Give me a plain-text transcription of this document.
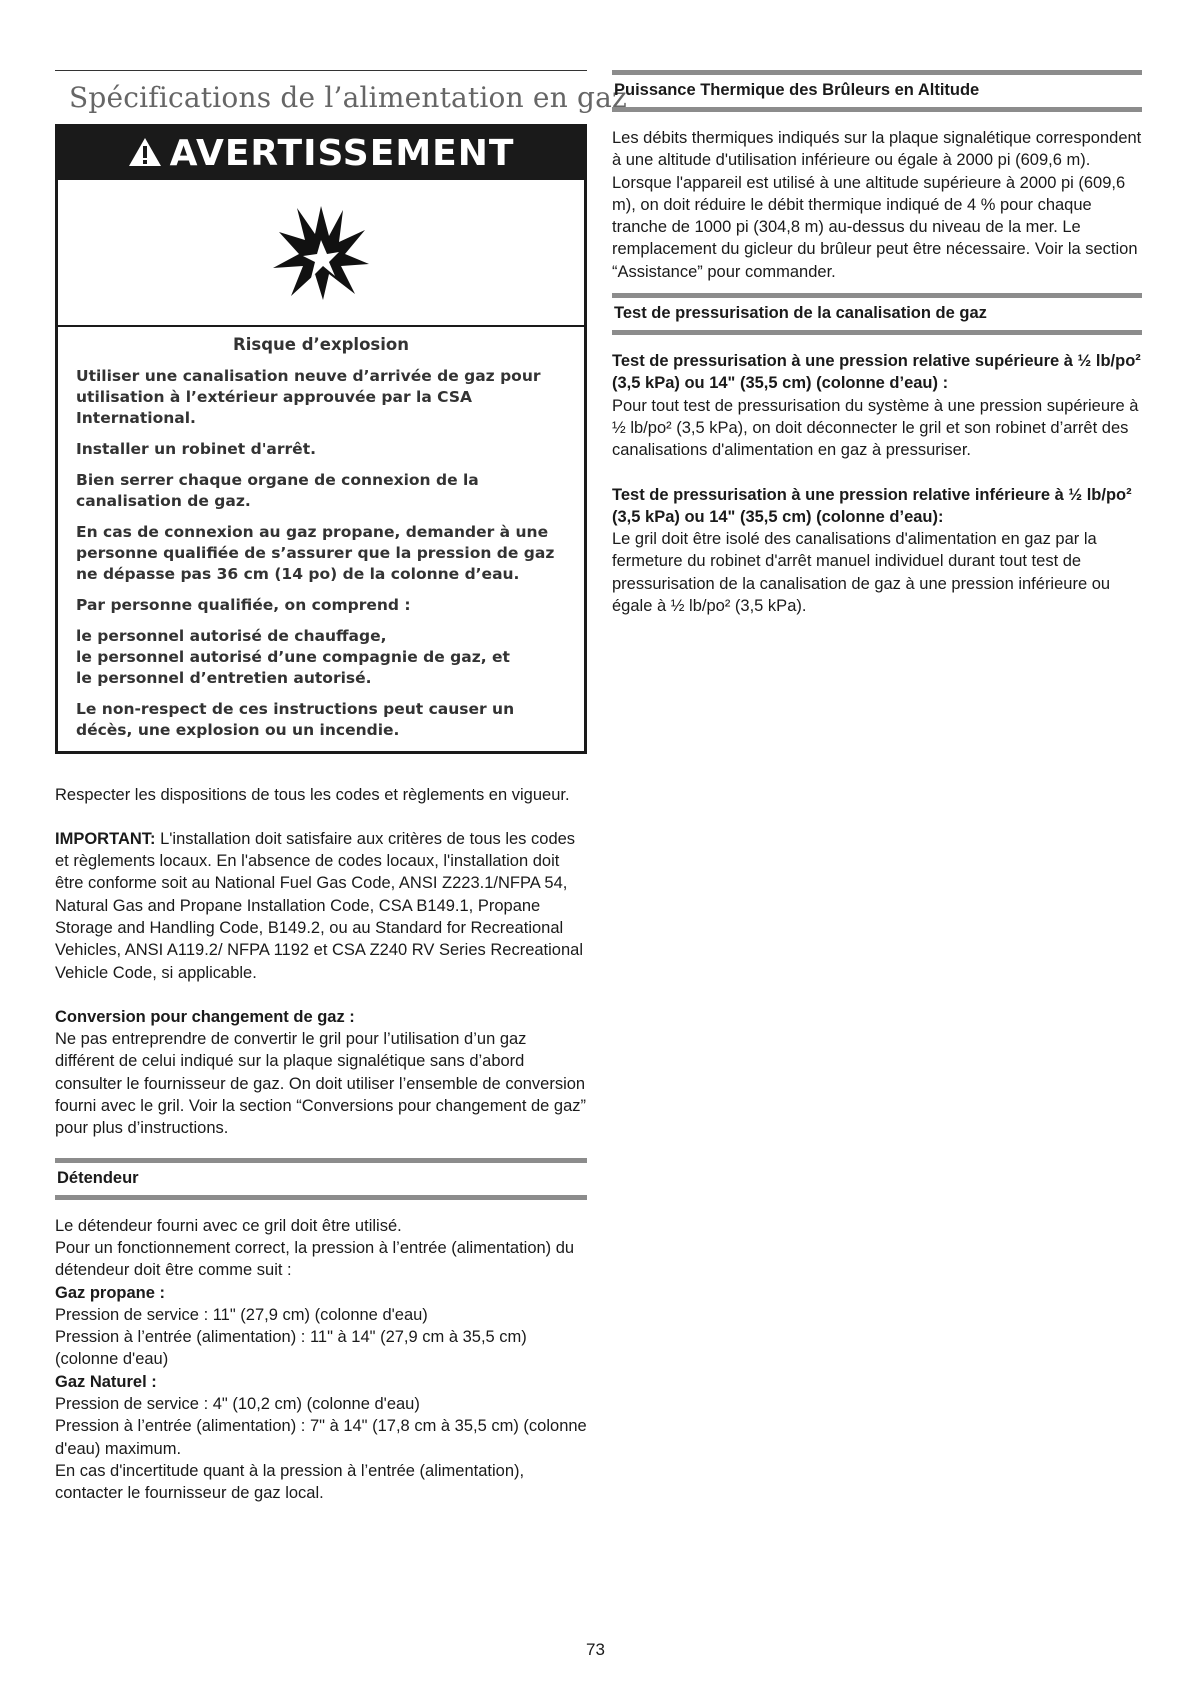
Spécifications de l’alimentation en gaz
AVERTISSEMENT
Risque d’explosion

Utiliser une canalisation neuve d’arrivée de gaz pour utilisation à l’extérieur approuvée par la CSA International.

Installer un robinet d'arrêt.

Bien serrer chaque organe de connexion de la canalisation de gaz.

En cas de connexion au gaz propane, demander à une personne qualifiée de s’assurer que la pression de gaz ne dépasse pas 36 cm (14 po) de la colonne d’eau.

Par personne qualifiée, on comprend :

le personnel autorisé de chauffage,
le personnel autorisé d’une compagnie de gaz, et
le personnel d’entretien autorisé.

Le non-respect de ces instructions peut causer un décès, une explosion ou un incendie.

Respecter les dispositions de tous les codes et règlements en vigueur.

IMPORTANT: L'installation doit satisfaire aux critères de tous les codes et règlements locaux. En l'absence de codes locaux, l'installation doit être conforme soit au National Fuel Gas Code, ANSI Z223.1/NFPA 54, Natural Gas and Propane Installation Code, CSA B149.1, Propane Storage and Handling Code, B149.2, ou au Standard for Recreational Vehicles, ANSI A119.2/ NFPA 1192 et CSA Z240 RV Series Recreational Vehicle Code, si applicable.

Conversion pour changement de gaz :

Ne pas entreprendre de convertir le gril pour l’utilisation d’un gaz différent de celui indiqué sur la plaque signalétique sans d’abord consulter le fournisseur de gaz. On doit utiliser l’ensemble de conversion fourni avec le gril. Voir la section “Conversions pour changement de gaz” pour plus d’instructions.

Détendeur

Le détendeur fourni avec ce gril doit être utilisé.

Pour un fonctionnement correct, la pression à l’entrée (alimentation) du détendeur doit être comme suit :

Gaz propane :

Pression de service : 11" (27,9 cm) (colonne d'eau)

Pression à l’entrée (alimentation) : 11" à 14" (27,9 cm à 35,5 cm) (colonne d'eau)

Gaz Naturel :

Pression de service : 4" (10,2 cm) (colonne d'eau)

Pression à l’entrée (alimentation) : 7" à 14" (17,8 cm à 35,5 cm) (colonne d'eau) maximum.

En cas d'incertitude quant à la pression à l’entrée (alimentation), contacter le fournisseur de gaz local.

Puissance Thermique des Brûleurs en Altitude

Les débits thermiques indiqués sur la plaque signalétique correspondent à une altitude d'utilisation inférieure ou égale à 2000 pi (609,6 m). Lorsque l'appareil est utilisé à une altitude supérieure à 2000 pi (609,6 m), on doit réduire le débit thermique indiqué de 4 % pour chaque tranche de 1000 pi (304,8 m) au-dessus du niveau de la mer. Le remplacement du gicleur du brûleur peut être nécessaire. Voir la section “Assistance” pour commander.

Test de pressurisation de la canalisation de gaz

Test de pressurisation à une pression relative supérieure à ½ lb/po² (3,5 kPa) ou 14" (35,5 cm) (colonne d’eau) :

Pour tout test de pressurisation du système à une pression supérieure à ½ lb/po² (3,5 kPa), on doit déconnecter le gril et son robinet d’arrêt des canalisations d'alimentation en gaz à pressuriser.

Test de pressurisation à une pression relative inférieure à ½ lb/po² (3,5 kPa) ou 14" (35,5 cm) (colonne d’eau):

Le gril doit être isolé des canalisations d'alimentation en gaz par la fermeture du robinet d'arrêt manuel individuel durant tout test de pressurisation de la canalisation de gaz à une pression inférieure ou égale à ½ lb/po² (3,5 kPa).

73
